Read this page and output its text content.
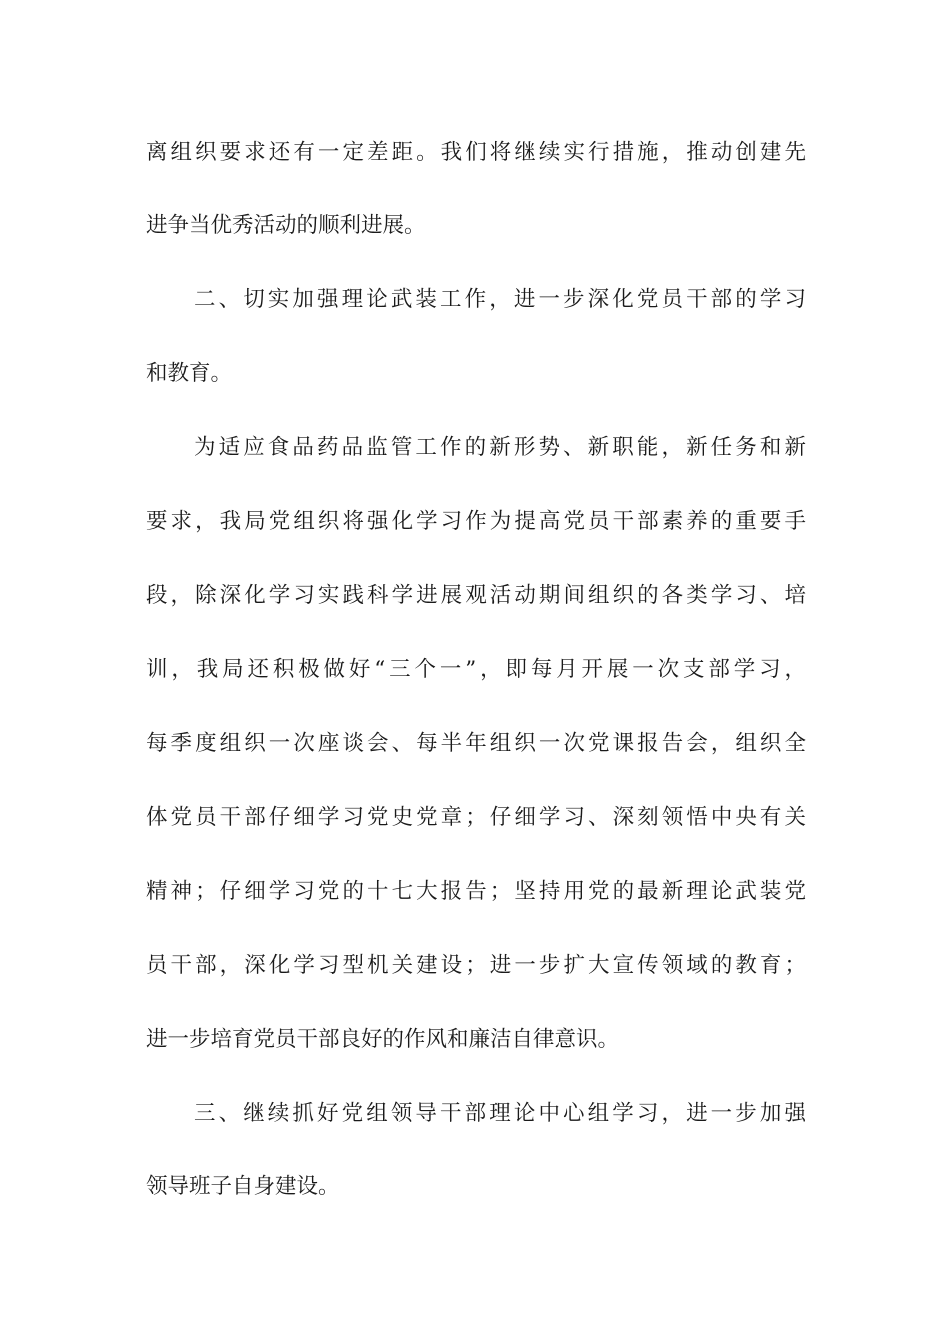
离组织要求还有一定差距。我们将继续实行措施，推动创建先
进争当优秀活动的顺利进展。
二、切实加强理论武装工作，进一步深化党员干部的学习
和教育。
为适应食品药品监管工作的新形势、新职能，新任务和新
要求，我局党组织将强化学习作为提高党员干部素养的重要手
段，除深化学习实践科学进展观活动期间组织的各类学习、培
训，我局还积极做好“三个一”，即每月开展一次支部学习，
每季度组织一次座谈会、每半年组织一次党课报告会，组织全
体党员干部仔细学习党史党章；仔细学习、深刻领悟中央有关
精神；仔细学习党的十七大报告；坚持用党的最新理论武装党
员干部，深化学习型机关建设；进一步扩大宣传领域的教育；
进一步培育党员干部良好的作风和廉洁自律意识。
三、继续抓好党组领导干部理论中心组学习，进一步加强
领导班子自身建设。
